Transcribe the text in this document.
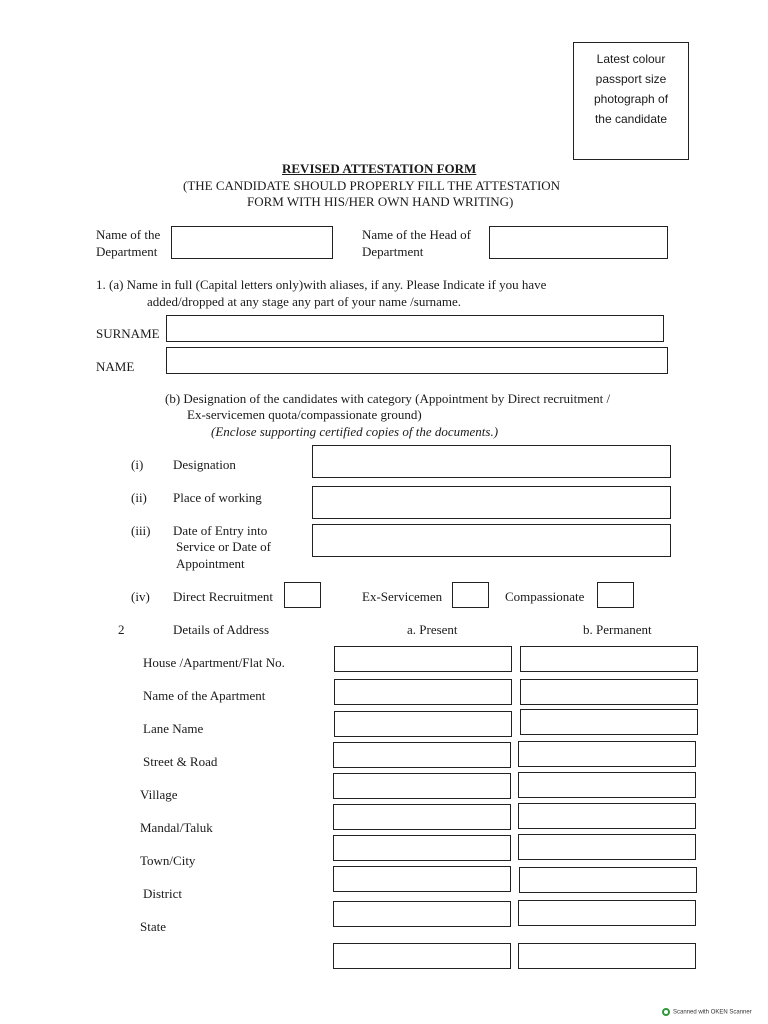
Latest colour
passport size
photograph of
the candidate
REVISED ATTESTATION FORM
(THE CANDIDATE SHOULD PROPERLY FILL THE ATTESTATION
FORM WITH HIS/HER OWN HAND WRITING)
Name of the
Department
Name of the Head of
Department
1. (a) Name in full (Capital letters only)with aliases, if any. Please Indicate if you have
added/dropped at any stage any part of your name /surname.
SURNAME
NAME
(b) Designation of the candidates with category (Appointment by Direct recruitment /
Ex-servicemen quota/compassionate ground)
(Enclose supporting certified copies of the documents.)
(i) Designation
(ii) Place of working
(iii) Date of Entry into
Service or Date of
Appointment
(iv) Direct Recruitment	Ex-Servicemen	Compassionate
2	Details of Address	a. Present	b. Permanent
House /Apartment/Flat No.
Name of the Apartment
Lane Name
Street & Road
Village
Mandal/Taluk
Town/City
District
State
Scanned with OKEN Scanner
